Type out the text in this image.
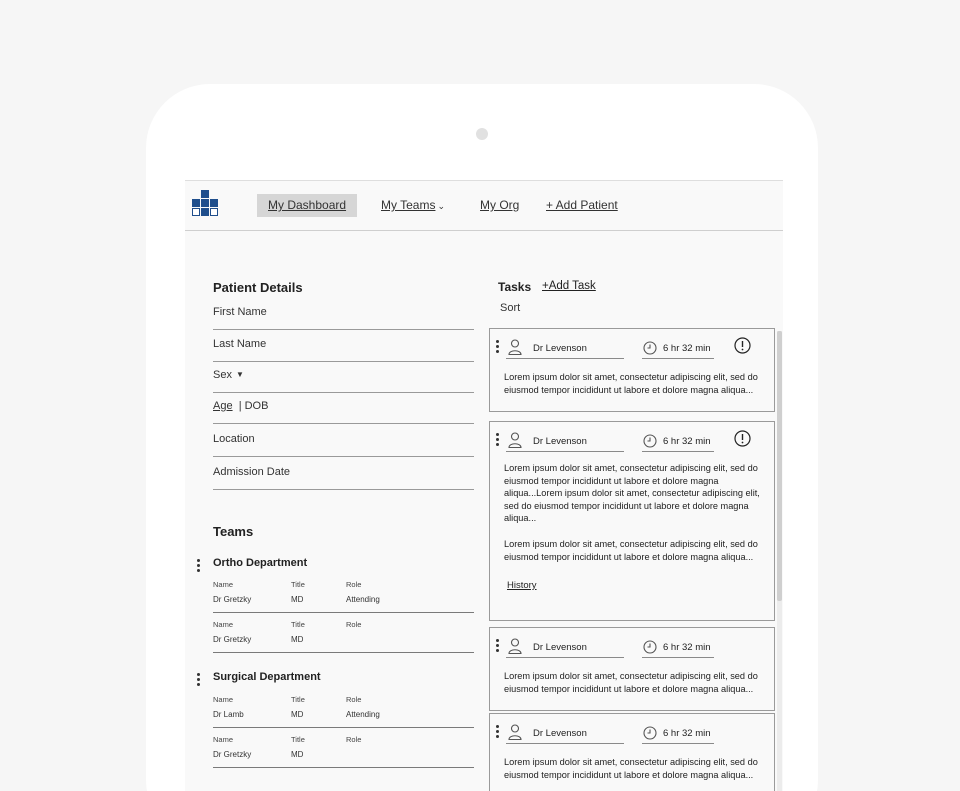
My Dashboard	My Teams ⌄	My Org + Add Patient
Patient Details
First Name
Last Name
Sex ▼
Age | DOB
Location
Admission Date
Teams
Ortho Department
Name	Title	Role
Dr Gretzky	MD	Attending
Name	Title	Role
Dr Gretzky	MD
Surgical Department
Name	Title	Role
Dr Lamb	MD	Attending
Name	Title	Role
Dr Gretzky	MD
Tasks +Add Task
Sort
Dr Levenson	6 hr 32 min
Lorem ipsum dolor sit amet, consectetur adipiscing elit, sed do eiusmod tempor incididunt ut labore et dolore magna aliqua...
Dr Levenson	6 hr 32 min
Lorem ipsum dolor sit amet, consectetur adipiscing elit, sed do eiusmod tempor incididunt ut labore et dolore magna aliqua...Lorem ipsum dolor sit amet, consectetur adipiscing elit, sed do eiusmod tempor incididunt ut labore et dolore magna aliqua...
Lorem ipsum dolor sit amet, consectetur adipiscing elit, sed do eiusmod tempor incididunt ut labore et dolore magna aliqua...
History
Dr Levenson	6 hr 32 min
Lorem ipsum dolor sit amet, consectetur adipiscing elit, sed do eiusmod tempor incididunt ut labore et dolore magna aliqua...
Dr Levenson	6 hr 32 min
Lorem ipsum dolor sit amet, consectetur adipiscing elit, sed do eiusmod tempor incididunt ut labore et dolore magna aliqua...
